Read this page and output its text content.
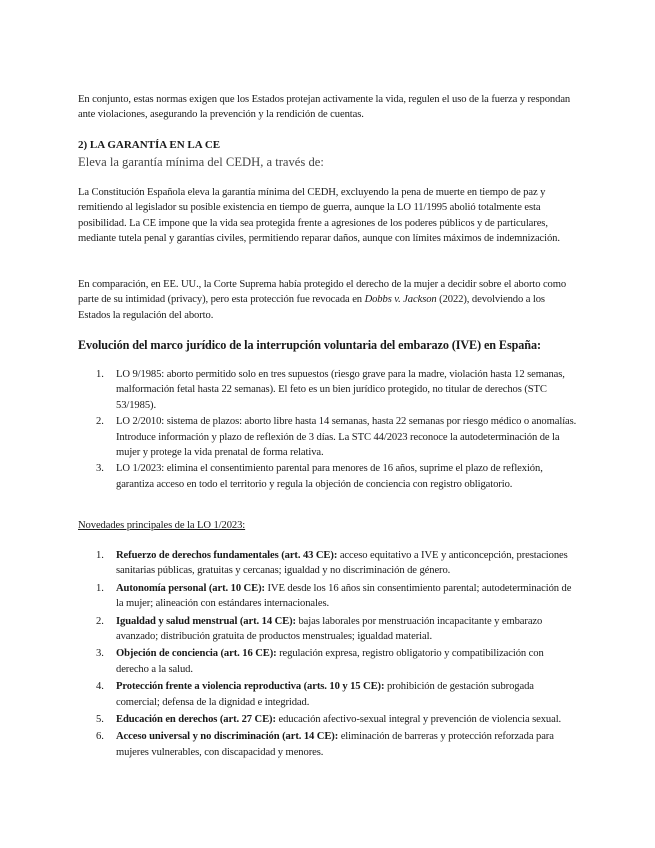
En conjunto, estas normas exigen que los Estados protejan activamente la vida, regulen el uso de la fuerza y respondan ante violaciones, asegurando la prevención y la rendición de cuentas.

2) LA GARANTÍA EN LA CE

Eleva la garantía mínima del CEDH, a través de:

La Constitución Española eleva la garantía mínima del CEDH, excluyendo la pena de muerte en tiempo de paz y remitiendo al legislador su posible existencia en tiempo de guerra, aunque la LO 11/1995 abolió totalmente esta posibilidad. La CE impone que la vida sea protegida frente a agresiones de los poderes públicos y de particulares, mediante tutela penal y garantías civiles, permitiendo reparar daños, aunque con límites máximos de indemnización.

En comparación, en EE. UU., la Corte Suprema había protegido el derecho de la mujer a decidir sobre el aborto como parte de su intimidad (privacy), pero esta protección fue revocada en Dobbs v. Jackson (2022), devolviendo a los Estados la regulación del aborto.

Evolución del marco jurídico de la interrupción voluntaria del embarazo (IVE) en España:

1. LO 9/1985: aborto permitido solo en tres supuestos (riesgo grave para la madre, violación hasta 12 semanas, malformación fetal hasta 22 semanas). El feto es un bien jurídico protegido, no titular de derechos (STC 53/1985).
2. LO 2/2010: sistema de plazos: aborto libre hasta 14 semanas, hasta 22 semanas por riesgo médico o anomalías. Introduce información y plazo de reflexión de 3 días. La STC 44/2023 reconoce la autodeterminación de la mujer y protege la vida prenatal de forma relativa.
3. LO 1/2023: elimina el consentimiento parental para menores de 16 años, suprime el plazo de reflexión, garantiza acceso en todo el territorio y regula la objeción de conciencia con registro obligatorio.

Novedades principales de la LO 1/2023:

1. Refuerzo de derechos fundamentales (art. 43 CE): acceso equitativo a IVE y anticoncepción, prestaciones sanitarias públicas, gratuitas y cercanas; igualdad y no discriminación de género.
1. Autonomía personal (art. 10 CE): IVE desde los 16 años sin consentimiento parental; autodeterminación de la mujer; alineación con estándares internacionales.
2. Igualdad y salud menstrual (art. 14 CE): bajas laborales por menstruación incapacitante y embarazo avanzado; distribución gratuita de productos menstruales; igualdad material.
3. Objeción de conciencia (art. 16 CE): regulación expresa, registro obligatorio y compatibilización con derecho a la salud.
4. Protección frente a violencia reproductiva (arts. 10 y 15 CE): prohibición de gestación subrogada comercial; defensa de la dignidad e integridad.
5. Educación en derechos (art. 27 CE): educación afectivo-sexual integral y prevención de violencia sexual.
6. Acceso universal y no discriminación (art. 14 CE): eliminación de barreras y protección reforzada para mujeres vulnerables, con discapacidad y menores.
